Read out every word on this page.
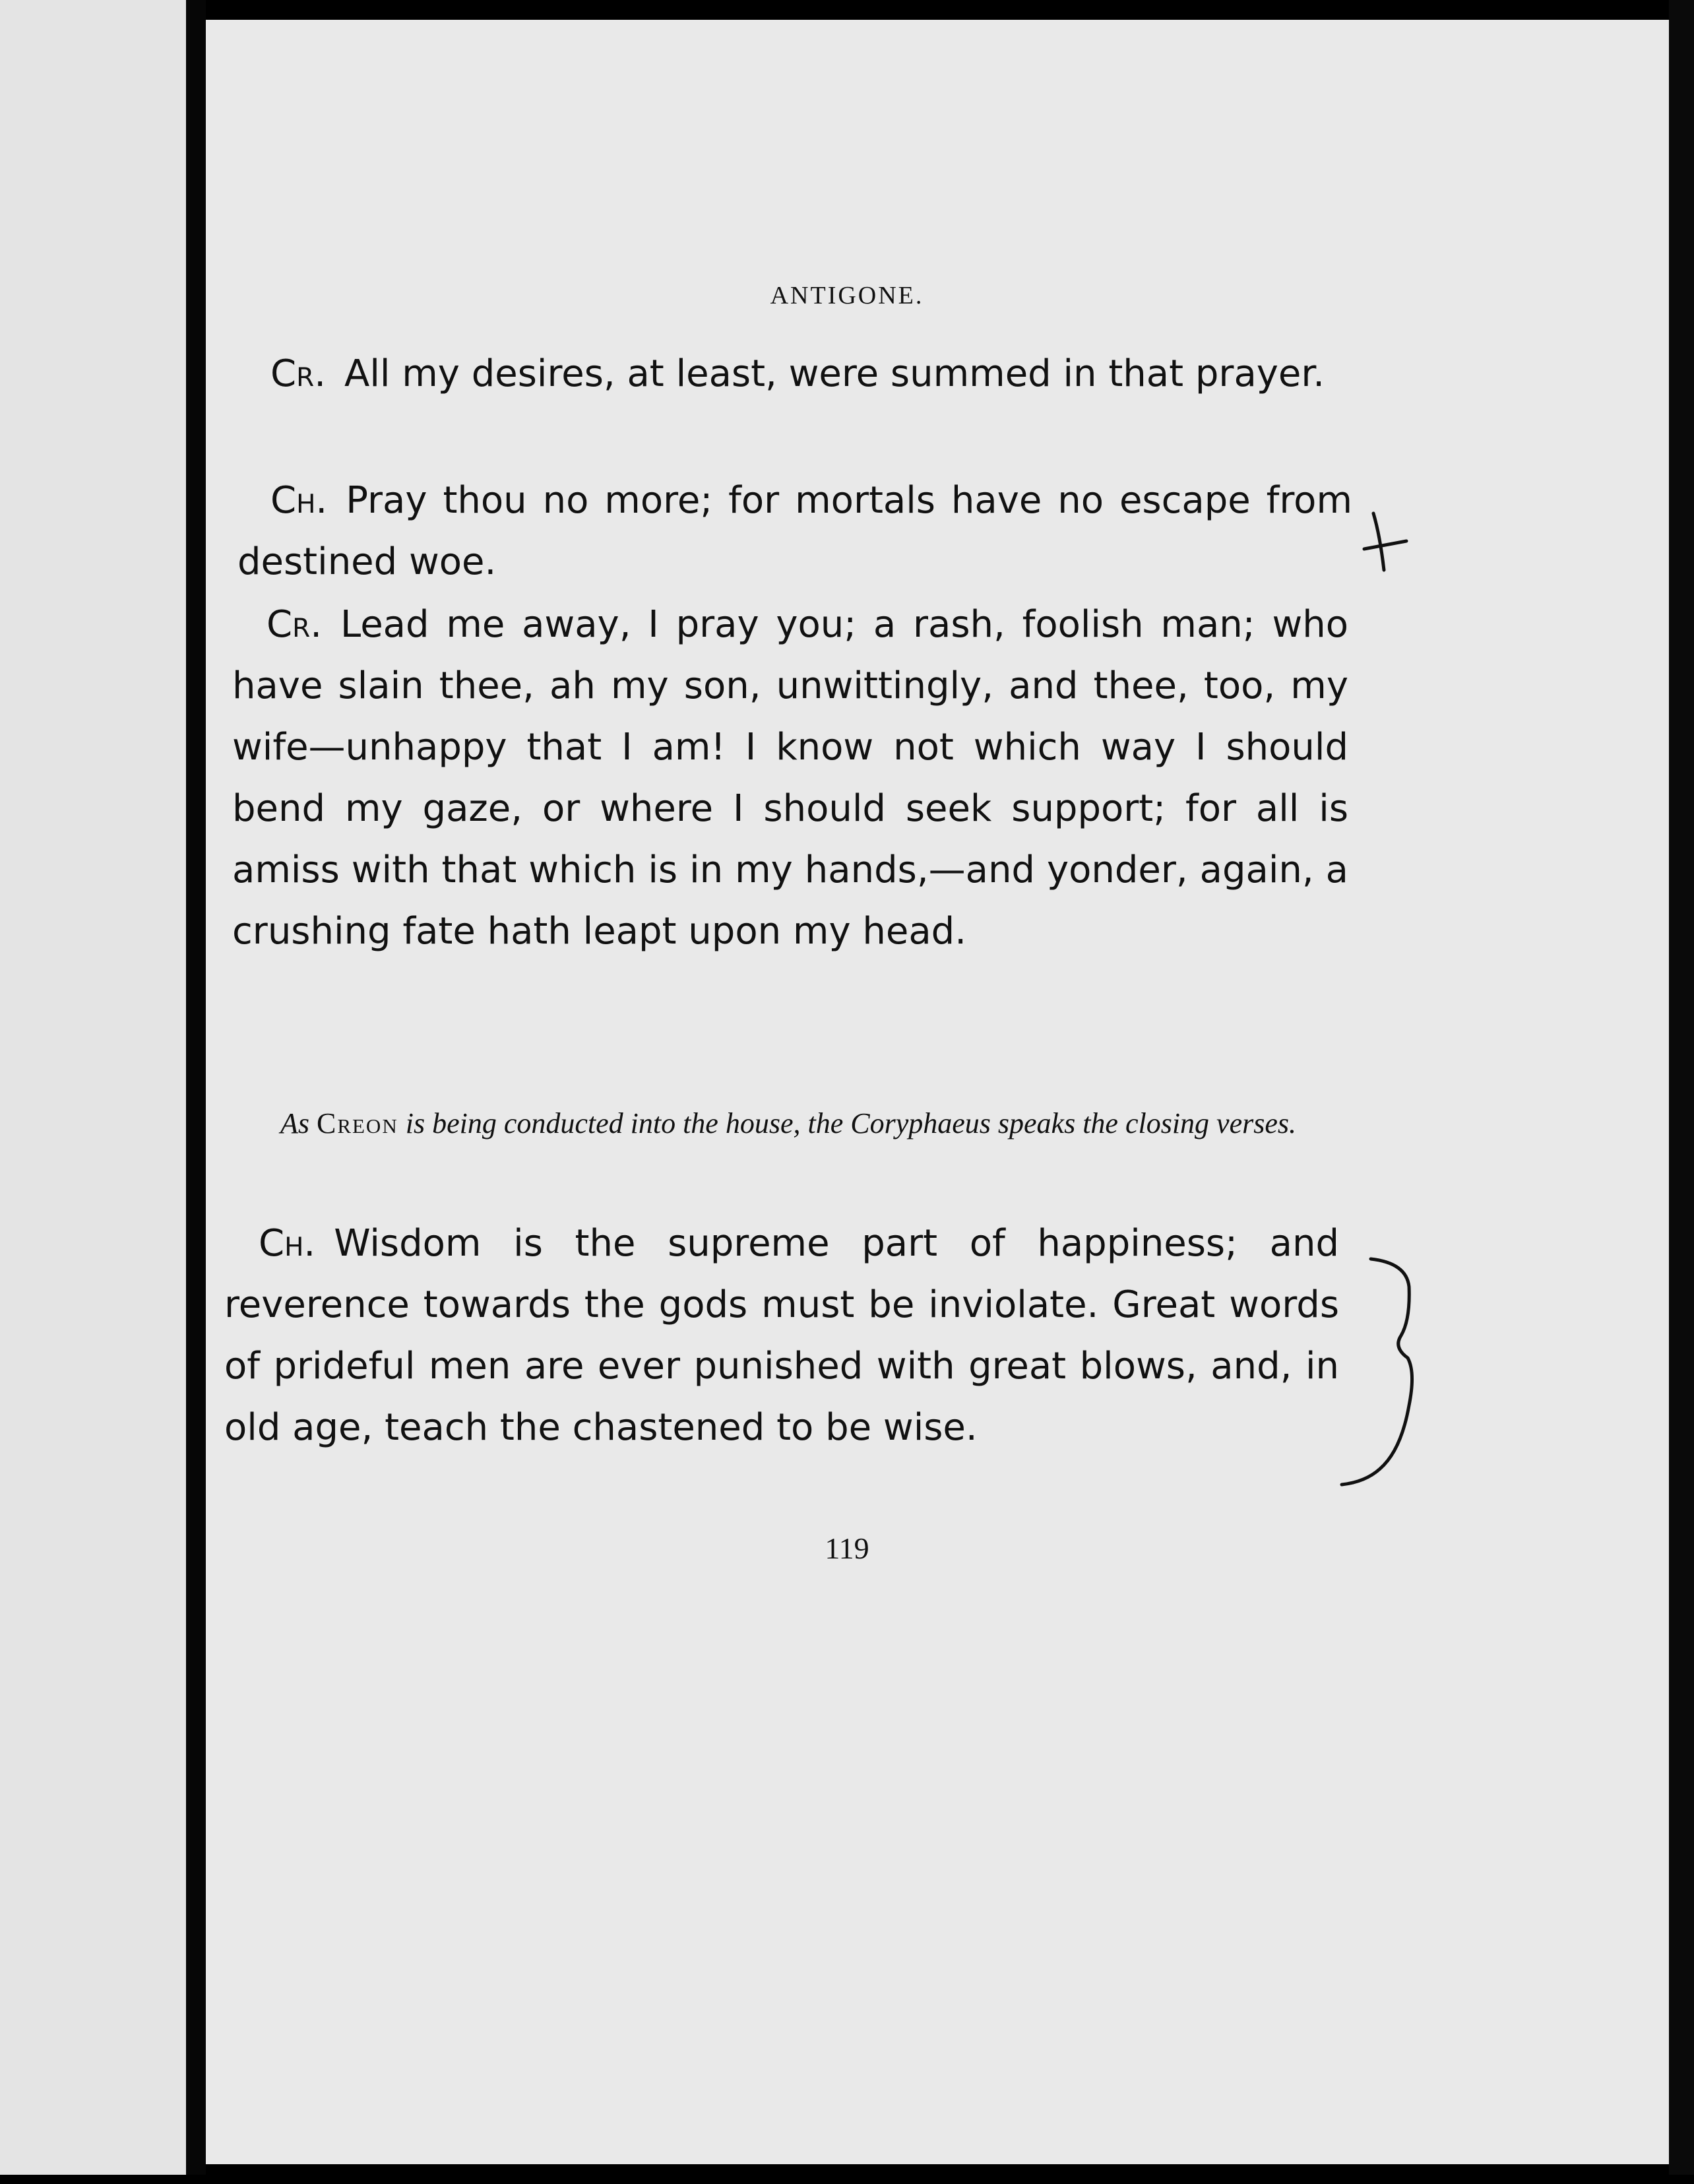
ANTIGONE.
Cr. All my desires, at least, were summed in that prayer.
Ch. Pray thou no more; for mortals have no escape from destined woe.
Cr. Lead me away, I pray you; a rash, foolish man; who have slain thee, ah my son, unwittingly, and thee, too, my wife—unhappy that I am! I know not which way I should bend my gaze, or where I should seek support; for all is amiss with that which is in my hands,—and yonder, again, a crushing fate hath leapt upon my head.
As Creon is being conducted into the house, the Coryphaeus speaks the closing verses.
Ch. Wisdom is the supreme part of happiness; and reverence towards the gods must be inviolate. Great words of prideful men are ever punished with great blows, and, in old age, teach the chastened to be wise.
119
